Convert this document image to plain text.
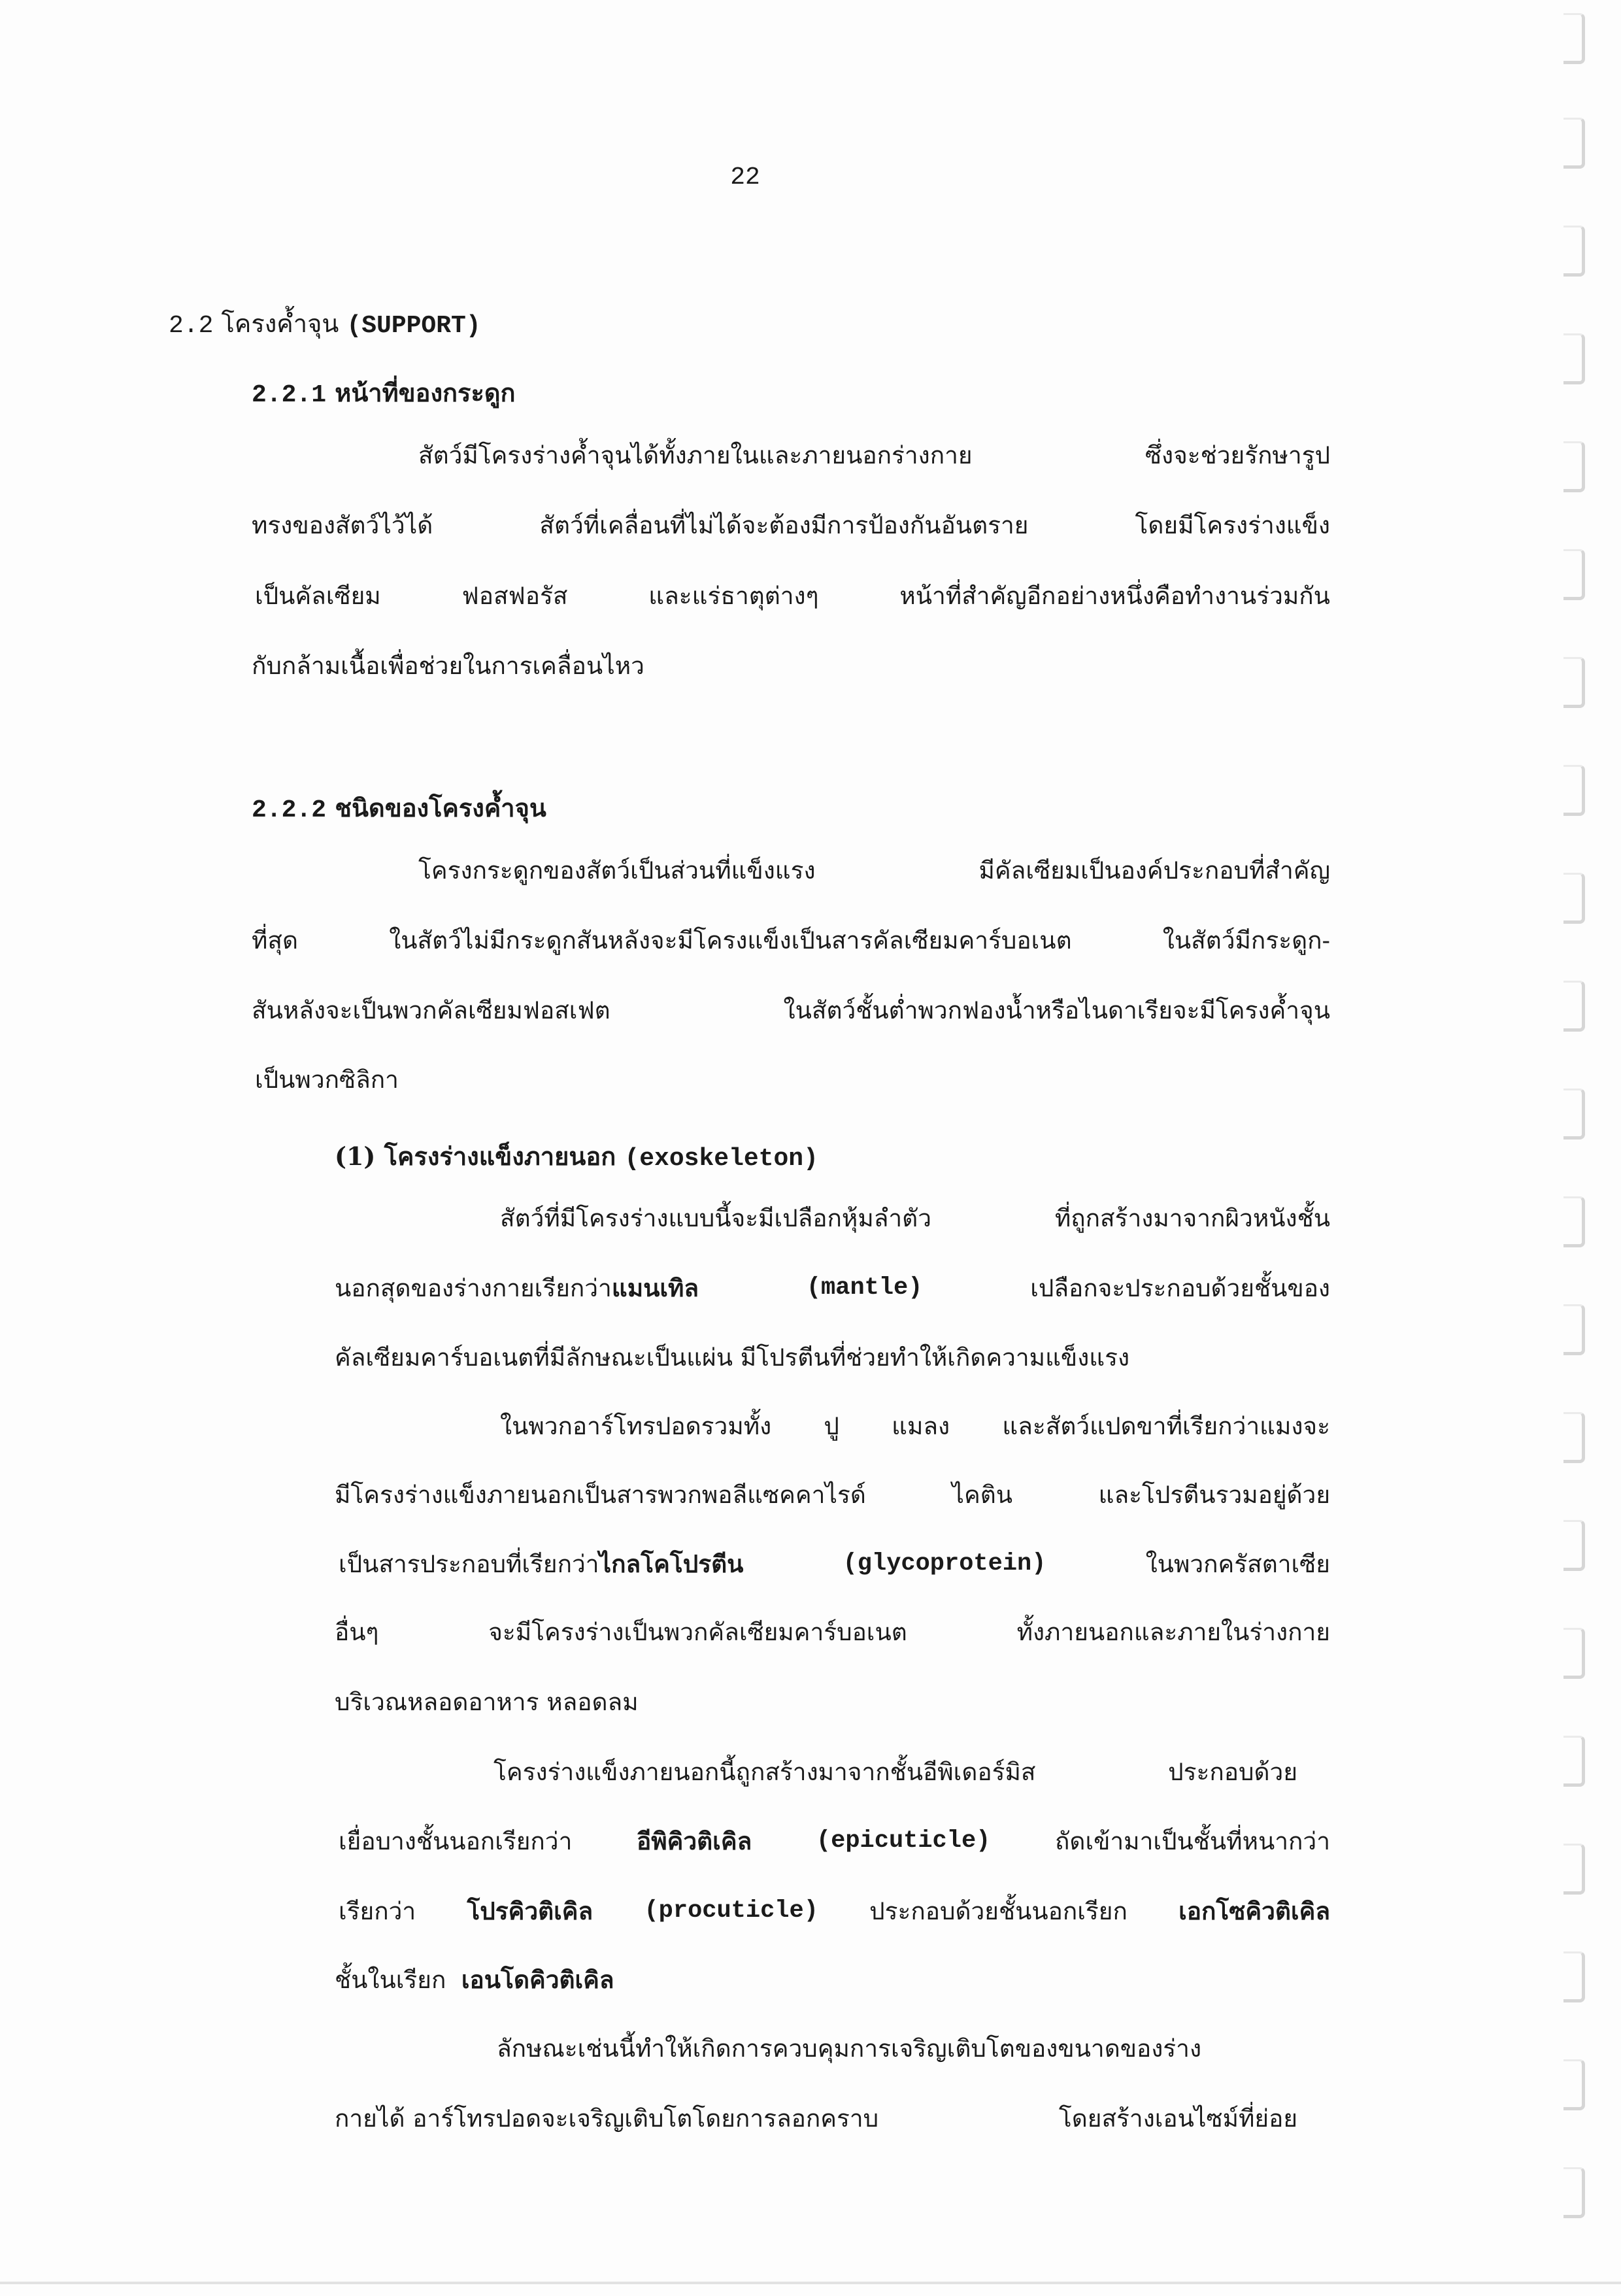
22
2.2 โครงค้ำจุน (SUPPORT)
2.2.1 หน้าที่ของกระดูก
สัตว์มีโครงร่างค้ำจุนได้ทั้งภายในและภายนอกร่างกาย	ซึ่งจะช่วยรักษารูป
ทรงของสัตว์ไว้ได้	สัตว์ที่เคลื่อนที่ไม่ได้จะต้องมีการป้องกันอันตราย	โดยมีโครงร่างแข็ง
เป็นคัลเซียม	ฟอสฟอรัส	และแร่ธาตุต่างๆ	หน้าที่สำคัญอีกอย่างหนึ่งคือทำงานร่วมกัน
กับกล้ามเนื้อเพื่อช่วยในการเคลื่อนไหว
2.2.2 ชนิดของโครงค้ำจุน
โครงกระดูกของสัตว์เป็นส่วนที่แข็งแรง	มีคัลเซียมเป็นองค์ประกอบที่สำคัญ
ที่สุด	ในสัตว์ไม่มีกระดูกสันหลังจะมีโครงแข็งเป็นสารคัลเซียมคาร์บอเนต	ในสัตว์มีกระดูก-
สันหลังจะเป็นพวกคัลเซียมฟอสเฟต	ในสัตว์ชั้นต่ำพวกฟองน้ำหรือไนดาเรียจะมีโครงค้ำจุน
เป็นพวกซิลิกา
(1) โครงร่างแข็งภายนอก (exoskeleton)
สัตว์ที่มีโครงร่างแบบนี้จะมีเปลือกหุ้มลำตัว	ที่ถูกสร้างมาจากผิวหนังชั้น
นอกสุดของร่างกายเรียกว่าแมนเทิล	(mantle)	เปลือกจะประกอบด้วยชั้นของ
คัลเซียมคาร์บอเนตที่มีลักษณะเป็นแผ่น มีโปรตีนที่ช่วยทำให้เกิดความแข็งแรง
ในพวกอาร์โทรปอดรวมทั้ง ปู แมลง และสัตว์แปดขาที่เรียกว่าแมงจะ
มีโครงร่างแข็งภายนอกเป็นสารพวกพอลีแซคคาไรด์	ไคติน	และโปรตีนรวมอยู่ด้วย
เป็นสารประกอบที่เรียกว่าไกลโคโปรตีน	(glycoprotein)	ในพวกครัสตาเซีย
อื่นๆ	จะมีโครงร่างเป็นพวกคัลเซียมคาร์บอเนต	ทั้งภายนอกและภายในร่างกาย
บริเวณหลอดอาหาร หลอดลม
โครงร่างแข็งภายนอกนี้ถูกสร้างมาจากชั้นอีพิเดอร์มิส	ประกอบด้วย
เยื่อบางชั้นนอกเรียกว่า	อีพิคิวติเคิล	(epicuticle)	ถัดเข้ามาเป็นชั้นที่หนากว่า
เรียกว่า โปรคิวติเคิล (procuticle) ประกอบด้วยชั้นนอกเรียก เอกโซคิวติเคิล
ชั้นในเรียก เอนโดคิวติเคิล
ลักษณะเช่นนี้ทำให้เกิดการควบคุมการเจริญเติบโตของขนาดของร่าง
กายได้ อาร์โทรปอดจะเจริญเติบโตโดยการลอกคราบ	โดยสร้างเอนไซม์ที่ย่อย
